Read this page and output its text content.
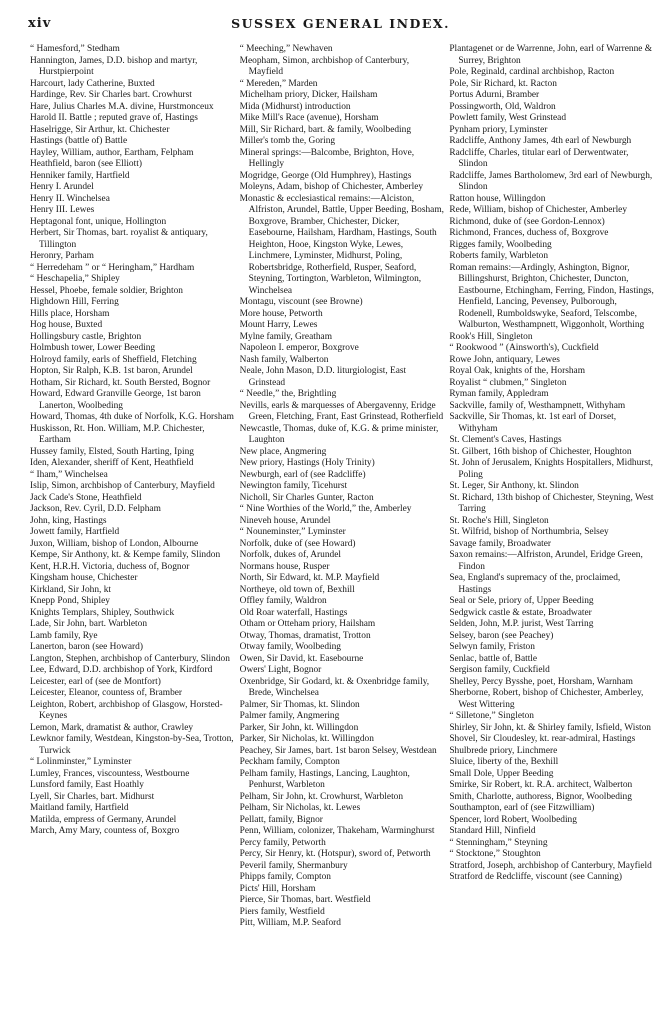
xiv	SUSSEX GENERAL INDEX.

“ Hamesford,” Stedham

Hannington, James, D.D. bishop and martyr, Hurstpierpoint

Harcourt, lady Catherine, Buxted

Hardinge, Rev. Sir Charles bart. Crowhurst

Hare, Julius Charles M.A. divine, Hurstmonceux

Harold II. Battle ; reputed grave of, Hastings

Haselrigge, Sir Arthur, kt. Chichester

Hastings (battle of) Battle

Hayley, William, author, Eartham, Felpham

Heathfield, baron (see Elliott)

Henniker family, Hartfield

Henry I. Arundel

Henry II. Winchelsea

Henry III. Lewes

Heptagonal font, unique, Hollington

Herbert, Sir Thomas, bart. royalist & antiquary, Tillington

Heronry, Parham

“ Herredeham ” or “ Heringham,” Hardham

“ Heschapelia,” Shipley

Hessel, Phoebe, female soldier, Brighton

Highdown Hill, Ferring

Hills place, Horsham

Hog house, Buxted

Hollingsbury castle, Brighton

Holmbush tower, Lower Beeding

Holroyd family, earls of Sheffield, Fletching

Hopton, Sir Ralph, K.B. 1st baron, Arundel

Hotham, Sir Richard, kt. South Bersted, Bognor

Howard, Edward Granville George, 1st baron Lanerton, Woolbeding

Howard, Thomas, 4th duke of Norfolk, K.G. Horsham

Huskisson, Rt. Hon. William, M.P. Chichester, Eartham

Hussey family, Elsted, South Harting, Iping

Iden, Alexander, sheriff of Kent, Heathfield

“ Iham,” Winchelsea

Islip, Simon, archbishop of Canterbury, Mayfield

Jack Cade's Stone, Heathfield

Jackson, Rev. Cyril, D.D. Felpham

John, king, Hastings

Jowett family, Hartfield

Juxon, William, bishop of London, Albourne

Kempe, Sir Anthony, kt. & Kempe family, Slindon

Kent, H.R.H. Victoria, duchess of, Bognor

Kingsham house, Chichester

Kirkland, Sir John, kt

Knepp Pond, Shipley

Knights Templars, Shipley, Southwick

Lade, Sir John, bart. Warbleton

Lamb family, Rye

Lanerton, baron (see Howard)

Langton, Stephen, archbishop of Canterbury, Slindon

Lee, Edward, D.D. archbishop of York, Kirdford

Leicester, earl of (see de Montfort)

Leicester, Eleanor, countess of, Bramber

Leighton, Robert, archbishop of Glasgow, Horsted-Keynes

Lemon, Mark, dramatist & author, Crawley

Lewknor family, Westdean, Kingston-by-Sea, Trotton, Turwick

“ Lolinminster,” Lyminster

Lumley, Frances, viscountess, Westbourne

Lunsford family, East Hoathly

Lyell, Sir Charles, bart. Midhurst

Maitland family, Hartfield

Matilda, empress of Germany, Arundel

March, Amy Mary, countess of, Boxgro

“ Meeching,” Newhaven

Meopham, Simon, archbishop of Canterbury, Mayfield

“ Mereden,” Marden

Michelham priory, Dicker, Hailsham

Mida (Midhurst) introduction

Mike Mill's Race (avenue), Horsham

Mill, Sir Richard, bart. & family, Woolbeding

Miller's tomb the, Goring

Mineral springs:—Balcombe, Brighton, Hove, Hellingly

Mogridge, George (Old Humphrey), Hastings

Moleyns, Adam, bishop of Chichester, Amberley

Monastic & ecclesiastical remains:—Alciston, Alfriston, Arundel, Battle, Upper Beeding, Bosham, Boxgrove, Bramber, Chichester, Dicker, Easebourne, Hailsham, Hardham, Hastings, South Heighton, Hooe, Kingston Wyke, Lewes, Linchmere, Lyminster, Midhurst, Poling, Robertsbridge, Rotherfield, Rusper, Seaford, Steyning, Tortington, Warbleton, Wilmington, Winchelsea

Montagu, viscount (see Browne)

More house, Petworth

Mount Harry, Lewes

Mylne family, Greatham

Napoleon I. emperor, Boxgrove

Nash family, Walberton

Neale, John Mason, D.D. liturgiologist, East Grinstead

“ Needle,” the, Brightling

Nevills, earls & marquesses of Abergavenny, Eridge Green, Fletching, Frant, East Grinstead, Rotherfield

Newcastle, Thomas, duke of, K.G. & prime minister, Laughton

New place, Angmering

New priory, Hastings (Holy Trinity)

Newburgh, earl of (see Radcliffe)

Newington family, Ticehurst

Nicholl, Sir Charles Gunter, Racton

“ Nine Worthies of the World,” the, Amberley

Nineveh house, Arundel

“ Nouneminster,” Lyminster

Norfolk, duke of (see Howard)

Norfolk, dukes of, Arundel

Normans house, Rusper

North, Sir Edward, kt. M.P. Mayfield

Northeye, old town of, Bexhill

Offley family, Waldron

Old Roar waterfall, Hastings

Otham or Otteham priory, Hailsham

Otway, Thomas, dramatist, Trotton

Otway family, Woolbeding

Owen, Sir David, kt. Easebourne

Owers' Light, Bognor

Oxenbridge, Sir Godard, kt. & Oxenbridge family, Brede, Winchelsea

Palmer, Sir Thomas, kt. Slindon

Palmer family, Angmering

Parker, Sir John, kt. Willingdon

Parker, Sir Nicholas, kt. Willingdon

Peachey, Sir James, bart. 1st baron Selsey, Westdean

Peckham family, Compton

Pelham family, Hastings, Lancing, Laughton, Penhurst, Warbleton

Pelham, Sir John, kt. Crowhurst, Warbleton

Pelham, Sir Nicholas, kt. Lewes

Pellatt, family, Bignor

Penn, William, colonizer, Thakeham, Warminghurst

Percy family, Petworth

Percy, Sir Henry, kt. (Hotspur), sword of, Petworth

Peveril family, Shermanbury

Phipps family, Compton

Picts' Hill, Horsham

Pierce, Sir Thomas, bart. Westfield

Piers family, Westfield

Pitt, William, M.P. Seaford

Plantagenet or de Warrenne, John, earl of Warrenne & Surrey, Brighton

Pole, Reginald, cardinal archbishop, Racton

Pole, Sir Richard, kt. Racton

Portus Adurni, Bramber

Possingworth, Old, Waldron

Powlett family, West Grinstead

Pynham priory, Lyminster

Radcliffe, Anthony James, 4th earl of Newburgh

Radcliffe, Charles, titular earl of Derwentwater, Slindon

Radcliffe, James Bartholomew, 3rd earl of Newburgh, Slindon

Ratton house, Willingdon

Rede, William, bishop of Chichester, Amberley

Richmond, duke of (see Gordon-Lennox)

Richmond, Frances, duchess of, Boxgrove

Rigges family, Woolbeding

Roberts family, Warbleton

Roman remains:—Ardingly, Ashington, Bignor, Billingshurst, Brighton, Chichester, Duncton, Eastbourne, Etchingham, Ferring, Findon, Hastings, Henfield, Lancing, Pevensey, Pulborough, Rodenell, Rumboldswyke, Seaford, Telscombe, Walburton, Westhampnett, Wiggonholt, Worthing

Rook's Hill, Singleton

“ Rookwood ” (Ainsworth's), Cuckfield

Rowe John, antiquary, Lewes

Royal Oak, knights of the, Horsham

Royalist “ clubmen,” Singleton

Ryman family, Appledram

Sackville, family of, Westhampnett, Withyham

Sackville, Sir Thomas, kt. 1st earl of Dorset, Withyham

St. Clement's Caves, Hastings

St. Gilbert, 16th bishop of Chichester, Houghton

St. John of Jerusalem, Knights Hospitallers, Midhurst, Poling

St. Leger, Sir Anthony, kt. Slindon

St. Richard, 13th bishop of Chichester, Steyning, West Tarring

St. Roche's Hill, Singleton

St. Wilfrid, bishop of Northumbria, Selsey

Savage family, Broadwater

Saxon remains:—Alfriston, Arundel, Eridge Green, Findon

Sea, England's supremacy of the, proclaimed, Hastings

Seal or Sele, priory of, Upper Beeding

Sedgwick castle & estate, Broadwater

Selden, John, M.P. jurist, West Tarring

Selsey, baron (see Peachey)

Selwyn family, Friston

Senlac, battle of, Battle

Sergison family, Cuckfield

Shelley, Percy Bysshe, poet, Horsham, Warnham

Sherborne, Robert, bishop of Chichester, Amberley, West Wittering

“ Silletone,” Singleton

Shirley, Sir John, kt. & Shirley family, Isfield, Wiston

Shovel, Sir Cloudesley, kt. rear-admiral, Hastings

Shulbrede priory, Linchmere

Sluice, liberty of the, Bexhill

Small Dole, Upper Beeding

Smirke, Sir Robert, kt. R.A. architect, Walberton

Smith, Charlotte, authoress, Bignor, Woolbeding

Southampton, earl of (see Fitzwilliam)

Spencer, lord Robert, Woolbeding

Standard Hill, Ninfield

“ Stenningham,” Steyning

“ Stocktone,” Stoughton

Stratford, Joseph, archbishop of Canterbury, Mayfield

Stratford de Redcliffe, viscount (see Canning)
